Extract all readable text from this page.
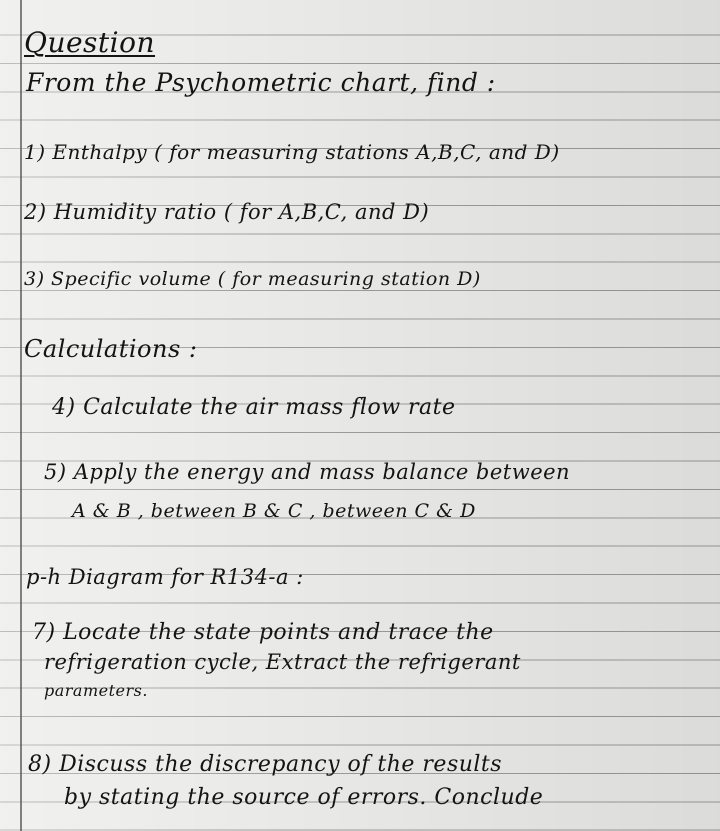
Question
From the Psychometric chart, find :
1) Enthalpy ( for measuring stations A,B,C, and D)
2) Humidity ratio ( for A,B,C, and D)
3) Specific volume ( for measuring station D)
Calculations :
4) Calculate the air mass flow rate
5) Apply the energy and mass balance between
A & B , between B & C , between C & D
p-h Diagram for R134-a :
7) Locate the state points and trace the
refrigeration cycle, Extract the refrigerant
parameters.
8) Discuss the discrepancy of the results
by stating the source of errors. Conclude
